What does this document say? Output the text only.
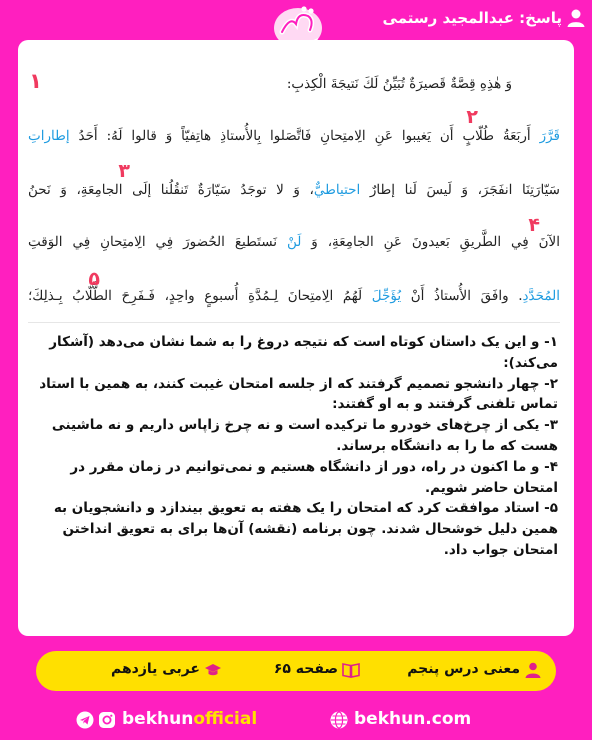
پاسخ: عبدالمجید رستمی
وَ هٰذِهِ قِصَّةٌ قَصيرَةٌ تُبَيِّنُ لَكَ نَتيجَةَ الْكِذبِ:
قَرَّرَ أَربَعَةُ طُلّابٍ أَن يَغيبوا عَنِ الِامتِحانِ فَاتَّصَلوا بِالأُستاذِ هاتِفيّاً وَ قالوا لَهُ: أَحَدُ إطاراتِ
سَيّارَتِنَا انفَجَرَ، وَ لَيسَ لَنا إطارٌ احتياطيٌّ، وَ لا توجَدُ سَيّارَةٌ تَنقُلُنا إلَى الجامِعَةِ، وَ نَحنُ
الآنَ فِي الطَّريقِ بَعيدونَ عَنِ الجامِعَةِ، وَ لَنْ نَستَطيعَ الحُضورَ فِي الِامتِحانِ فِي الوَقتِ
المُحَدَّدِ. وافَقَ الأُستاذُ أَنْ يُؤَجِّلَ لَهُمُ الِامتِحانَ لِـمُدَّةِ أُسبوعٍ واحِدٍ، فَـفَرِحَ الطُّلّابُ بِـذلِكَ؛
١
٢
٣
۴
۵

۱- و این یک داستان کوتاه است که نتیجه دروغ را به شما نشان می‌دهد (آشکار می‌کند):

۲- چهار دانشجو تصمیم گرفتند که از جلسه امتحان غیبت کنند، به همین با استاد تماس تلفنی گرفتند و به او گفتند:

۳- یکی از چرخ‌های خودرو ما ترکیده است و نه چرخ زاپاس داریم و نه ماشینی هست که ما را به دانشگاه برساند.

۴- و ما اکنون در راه، دور از دانشگاه هستیم و نمی‌توانیم در زمان مقرر در امتحان حاضر شویم.

۵- استاد موافقت کرد که امتحان را یک هفته به تعویق بیندازد و دانشجویان به همین دلیل خوشحال شدند. چون برنامه (نقشه) آن‌ها برای به تعویق انداختن امتحان جواب داد.

معنی درس پنجم
صفحه ۶۵
عربی یازدهم
bekhunofficial	bekhun.com
